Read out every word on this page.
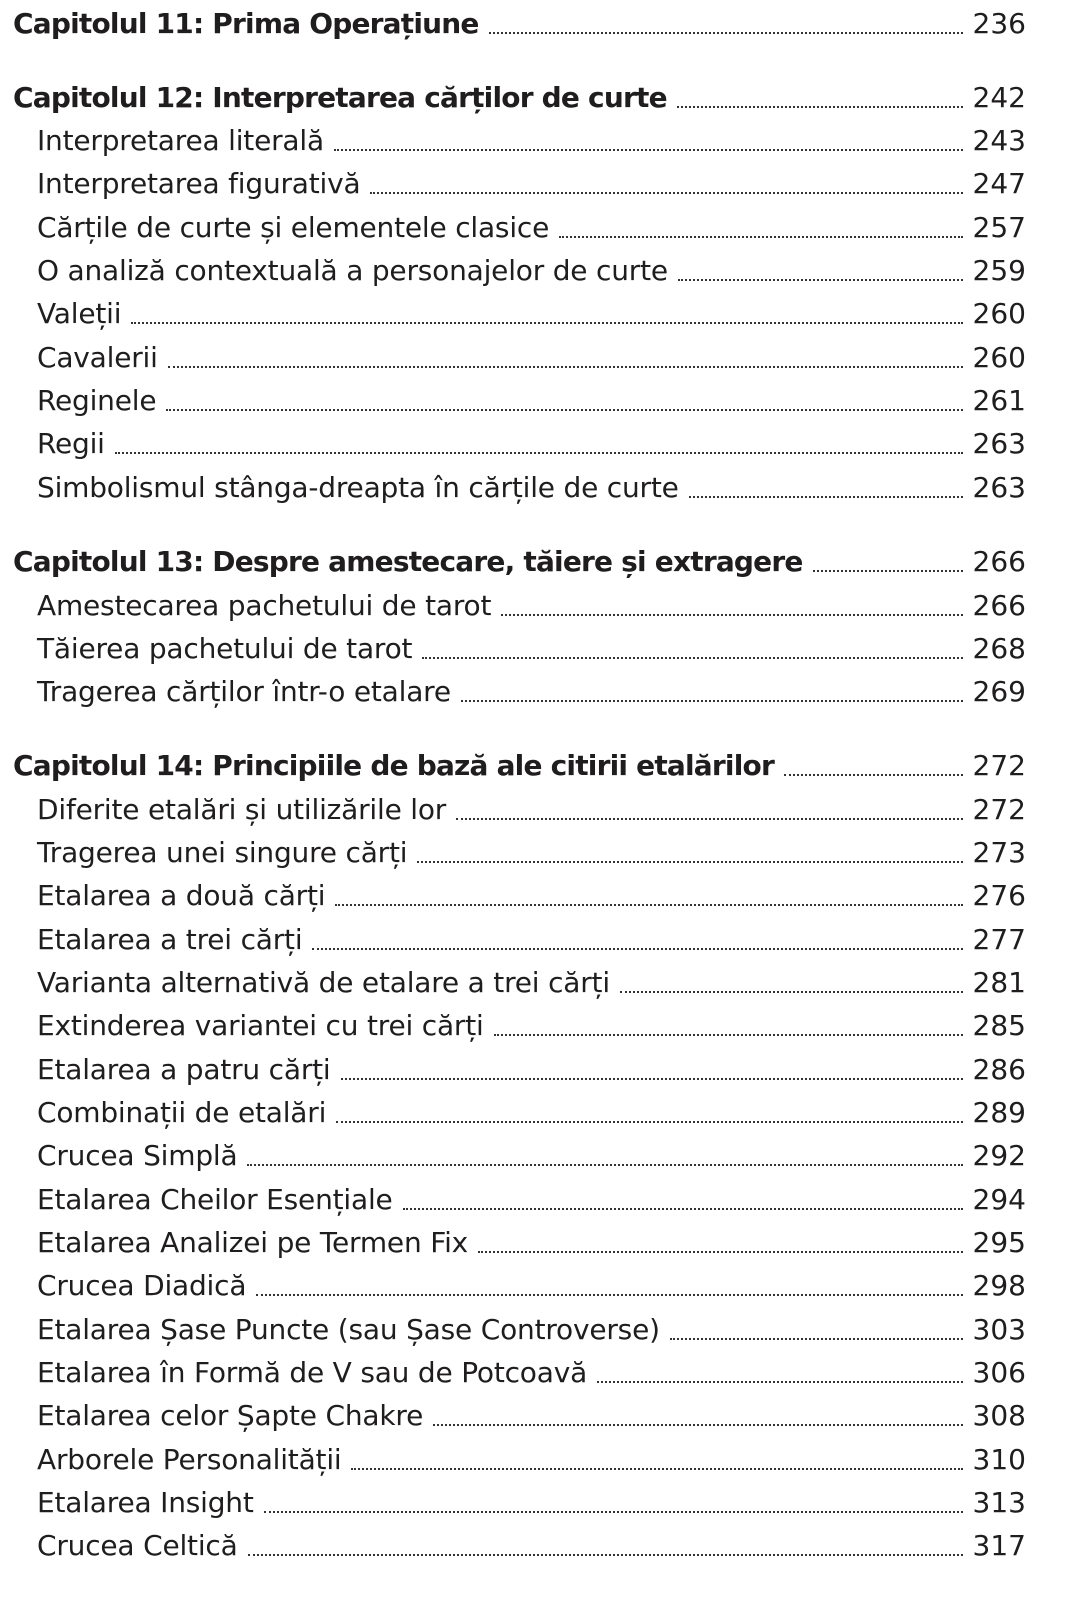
Capitolul 11: Prima Operațiune	236
Capitolul 12: Interpretarea cărților de curte	242
Interpretarea literală	243
Interpretarea figurativă	247
Cărțile de curte și elementele clasice	257
O analiză contextuală a personajelor de curte	259
Valeții	260
Cavalerii	260
Reginele	261
Regii	263
Simbolismul stânga-dreapta în cărțile de curte	263
Capitolul 13: Despre amestecare, tăiere și extragere	266
Amestecarea pachetului de tarot	266
Tăierea pachetului de tarot	268
Tragerea cărților într-o etalare	269
Capitolul 14: Principiile de bază ale citirii etalărilor	272
Diferite etalări și utilizările lor	272
Tragerea unei singure cărți	273
Etalarea a două cărți	276
Etalarea a trei cărți	277
Varianta alternativă de etalare a trei cărți	281
Extinderea variantei cu trei cărți	285
Etalarea a patru cărți	286
Combinații de etalări	289
Crucea Simplă	292
Etalarea Cheilor Esențiale	294
Etalarea Analizei pe Termen Fix	295
Crucea Diadică	298
Etalarea Șase Puncte (sau Șase Controverse)	303
Etalarea în Formă de V sau de Potcoavă	306
Etalarea celor Șapte Chakre	308
Arborele Personalității	310
Etalarea Insight	313
Crucea Celtică	317
